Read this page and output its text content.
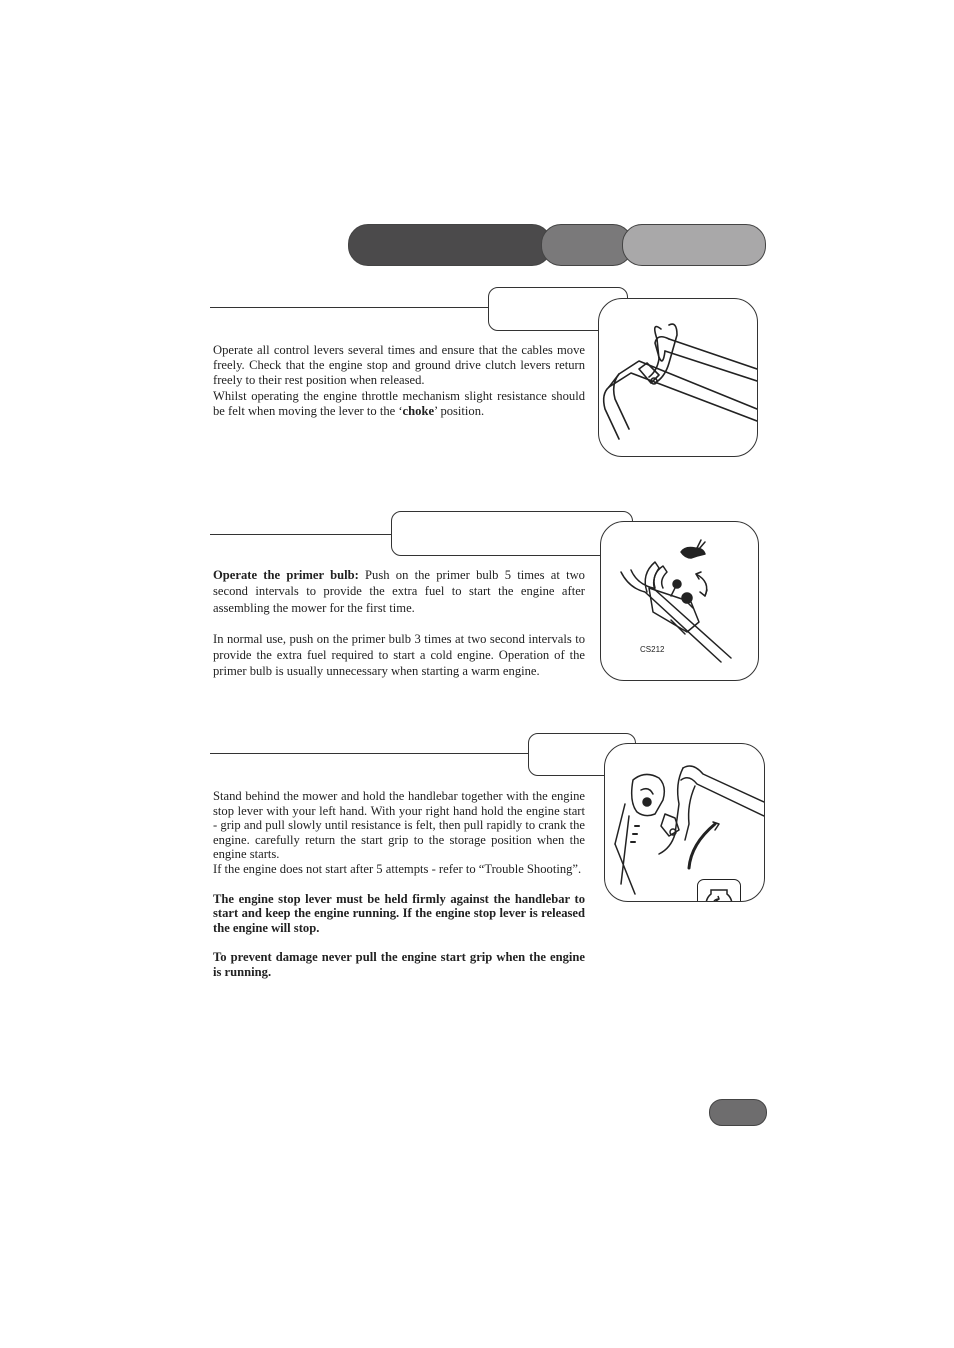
Operate all control levers several times and ensure that the cables move freely. Check that the engine stop and ground drive clutch levers return freely to their rest position when released.

Whilst operating the engine throttle mechanism slight resistance should be felt when moving the lever to the ‘choke’ position.

Operate the primer bulb: Push on the primer bulb 5 times at two second intervals to provide the extra fuel to start the engine after assembling the mower for the first time.

In normal use, push on the primer bulb 3 times at two second intervals to provide the extra fuel required to start a cold engine. Operation of the primer bulb is usually unnecessary when starting a warm engine.

CS212

Stand behind the mower and hold the handlebar together with the engine stop lever with your left hand. With your right hand hold the engine start - grip and pull slowly until resistance is felt, then pull rapidly to crank the engine. carefully return the start grip to the storage position when the engine starts.

If the engine does not start after 5 attempts - refer to “Trouble Shooting”.

The engine stop lever must be held firmly against the handlebar to start and keep the engine running. If the engine stop lever is released the engine will stop.

To prevent damage never pull the engine start grip when the engine is running.
